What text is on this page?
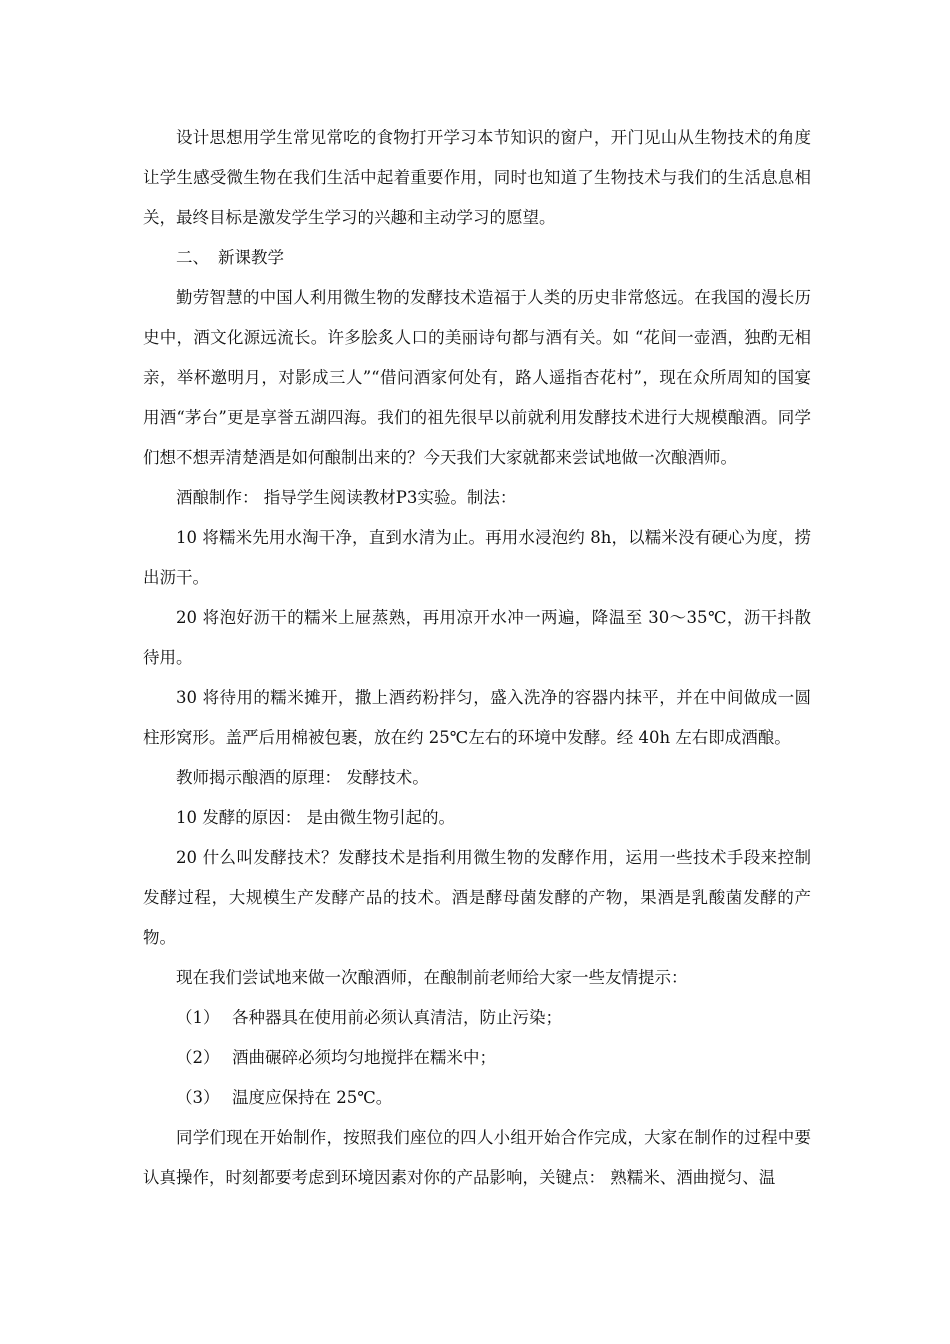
设计思想用学生常见常吃的食物打开学习本节知识的窗户，开门见山从生物技术的角度让学生感受微生物在我们生活中起着重要作用，同时也知道了生物技术与我们的生活息息相关，最终目标是激发学生学习的兴趣和主动学习的愿望。

二、 新课教学

勤劳智慧的中国人利用微生物的发酵技术造福于人类的历史非常悠远。在我国的漫长历史中，酒文化源远流长。许多脍炙人口的美丽诗句都与酒有关。如 “花间一壶酒，独酌无相亲，举杯邀明月，对影成三人”“借问酒家何处有，路人遥指杏花村”，现在众所周知的国宴用酒“茅台”更是享誉五湖四海。我们的祖先很早以前就利用发酵技术进行大规模酿酒。同学们想不想弄清楚酒是如何酿制出来的？今天我们大家就都来尝试地做一次酿酒师。

酒酿制作： 指导学生阅读教材P3实验。制法：

10 将糯米先用水淘干净，直到水清为止。再用水浸泡约 8h，以糯米没有硬心为度，捞出沥干。

20 将泡好沥干的糯米上屉蒸熟，再用凉开水冲一两遍，降温至 30～35℃，沥干抖散待用。

30 将待用的糯米摊开，撒上酒药粉拌匀，盛入洗净的容器内抹平，并在中间做成一圆柱形窝形。盖严后用棉被包裹，放在约 25℃左右的环境中发酵。经 40h 左右即成酒酿。

教师揭示酿酒的原理： 发酵技术。

10 发酵的原因： 是由微生物引起的。

20 什么叫发酵技术？发酵技术是指利用微生物的发酵作用，运用一些技术手段来控制发酵过程，大规模生产发酵产品的技术。酒是酵母菌发酵的产物，果酒是乳酸菌发酵的产物。

现在我们尝试地来做一次酿酒师，在酿制前老师给大家一些友情提示：

（1） 各种器具在使用前必须认真清洁，防止污染；

（2） 酒曲碾碎必须均匀地搅拌在糯米中；

（3） 温度应保持在 25℃。

同学们现在开始制作，按照我们座位的四人小组开始合作完成，大家在制作的过程中要认真操作，时刻都要考虑到环境因素对你的产品影响，关键点： 熟糯米、酒曲搅匀、温
